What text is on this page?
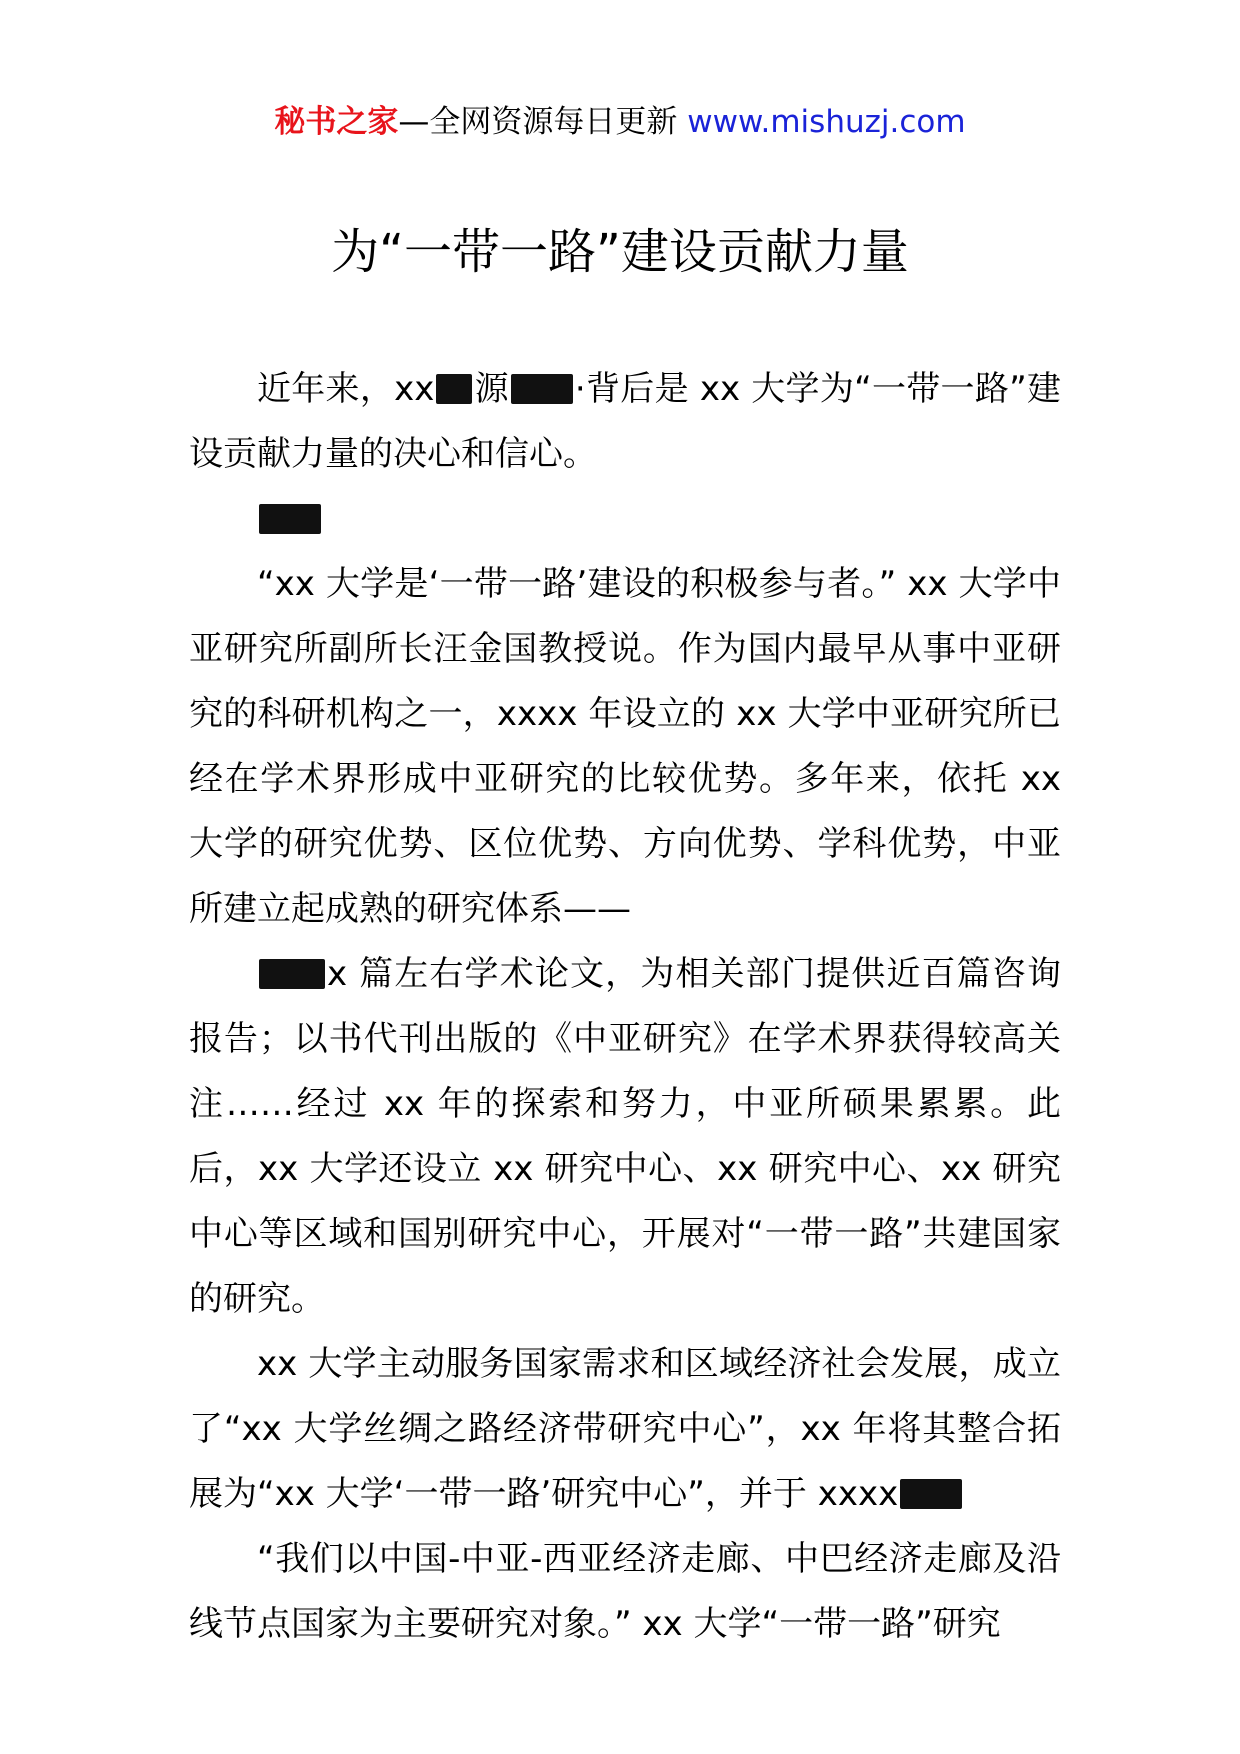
秘书之家—全网资源每日更新 www.mishuzj.com
为“一带一路”建设贡献力量

近年来，xx 源 ·背后是 xx 大学为“一带一路”建设贡献力量的决心和信心。

“xx 大学是‘一带一路’建设的积极参与者。” xx 大学中亚研究所副所长汪金国教授说。作为国内最早从事中亚研究的科研机构之一，xxxx 年设立的 xx 大学中亚研究所已经在学术界形成中亚研究的比较优势。多年来，依托 xx 大学的研究优势、区位优势、方向优势、学科优势，中亚所建立起成熟的研究体系——

x 篇左右学术论文，为相关部门提供近百篇咨询报告；以书代刊出版的《中亚研究》在学术界获得较高关注……经过 xx 年的探索和努力，中亚所硕果累累。此后，xx 大学还设立 xx 研究中心、xx 研究中心、xx 研究中心等区域和国别研究中心，开展对“一带一路”共建国家的研究。

xx 大学主动服务国家需求和区域经济社会发展，成立了“xx 大学丝绸之路经济带研究中心”，xx 年将其整合拓展为“xx 大学‘一带一路’研究中心”，并于 xxxx

“我们以中国-中亚-西亚经济走廊、中巴经济走廊及沿线节点国家为主要研究对象。” xx 大学“一带一路”研究
